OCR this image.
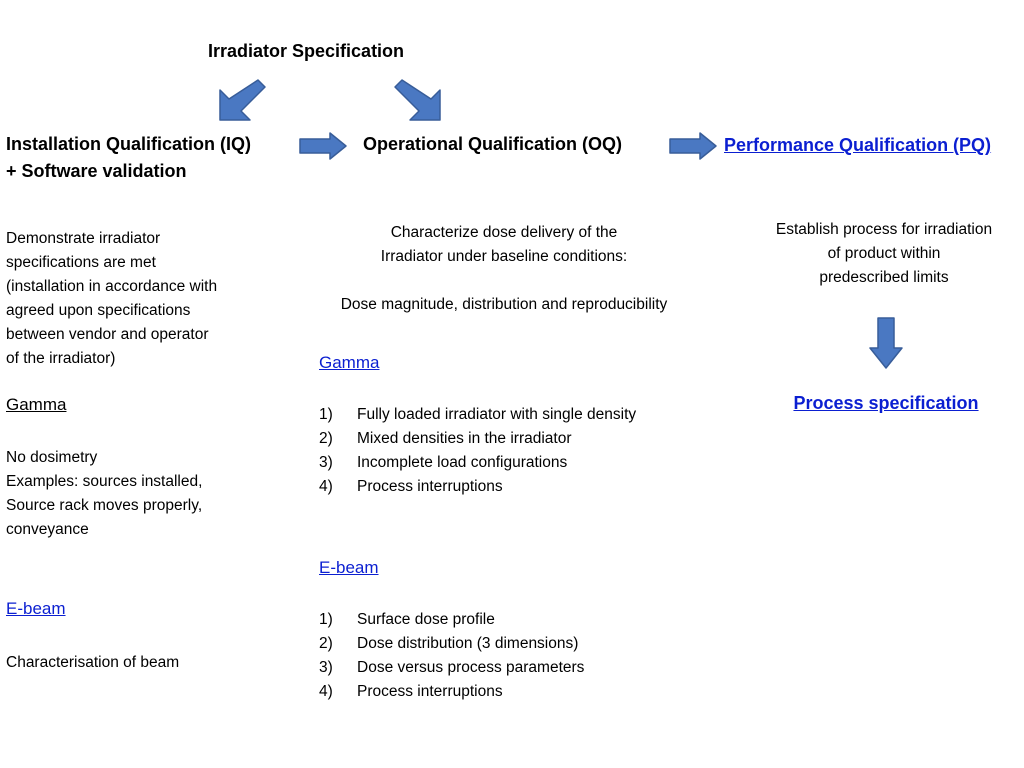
Irradiator Specification
Installation Qualification (IQ)
+ Software validation
Operational Qualification (OQ)	Performance Qualification (PQ)
Demonstrate irradiator
specifications are met
(installation in accordance with
agreed upon specifications
between vendor and operator
of the irradiator)
Gamma
No dosimetry
Examples: sources installed,
Source rack moves properly,
conveyance
E-beam
Characterisation of beam
Characterize dose delivery of the
Irradiator under baseline conditions:
Dose magnitude, distribution and reproducibility
Gamma
1)	Fully loaded irradiator with single density
2)	Mixed densities in the irradiator
3)	Incomplete load configurations
4)	Process interruptions
E-beam
1)	Surface dose profile
2)	Dose distribution (3 dimensions)
3)	Dose versus process parameters
4)	Process interruptions
Establish process for irradiation
of product within
predescribed limits
Process specification
